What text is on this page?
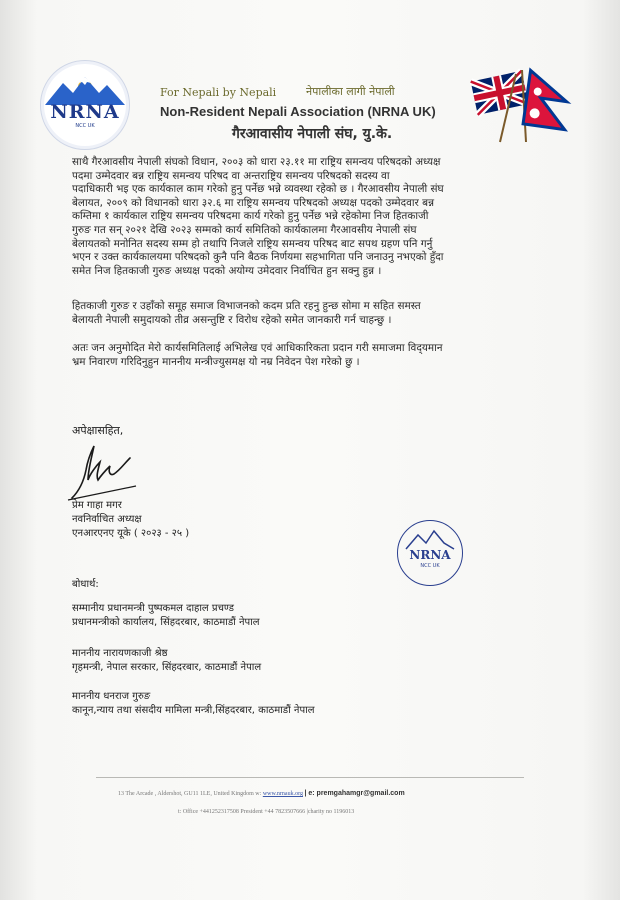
NRNA
NCC UK
For Nepali by Nepali	नेपालीका लागी नेपाली
Non-Resident Nepali Association (NRNA UK)
गैरआवासीय नेपाली संघ, यु.के.
साथै गैरआवसीय नेपाली संघको विधान, २००३ को धारा २३.११ मा राष्ट्रिय समन्वय परिषदको अध्यक्ष
पदमा उम्मेदवार बन्न राष्ट्रिय समन्वय परिषद वा अन्तराष्ट्रिय समन्वय परिषदको सदस्य वा
पदाधिकारी भइ एक कार्यकाल काम गरेको हुनु पर्नेछ भन्ने व्यवस्था रहेको छ । गैरआवसीय नेपाली संघ
बेलायत, २००९ को विधानको धारा ३२.६ मा राष्ट्रिय समन्वय परिषदको अध्यक्ष पदको उम्मेदवार बन्न
कम्तिमा १ कार्यकाल राष्ट्रिय समन्वय परिषदमा कार्य गरेको हुनु पर्नेछ भन्ने रहेकोमा निज हितकाजी
गुरुङ गत सन् २०२१ देखि २०२३ सम्मको कार्य समितिको कार्यकालमा गैरआवसीय नेपाली संघ
बेलायतको मनोनित सदस्य सम्म हो तथापि निजले राष्ट्रिय समन्वय परिषद बाट सपथ ग्रहण पनि गर्नु
भएन र उक्त कार्यकालयमा परिषदको कुनै पनि बैठक निर्णयमा सहभागिता पनि जनाउनु नभएको हुँदा
समेत निज हितकाजी गुरुङ अध्यक्ष पदको अयोग्य उमेदवार निर्वाचित हुन सक्नु हुन्न ।
हितकाजी गुरुङ र उहाँको समूह समाज विभाजनको कदम प्रति रहनु हुन्छ सोमा म सहित समस्त
बेलायती नेपाली समुदायको तीव्र असन्तुष्टि र विरोध रहेको समेत जानकारी गर्न चाहन्छु ।
अतः जन अनुमोदित मेरो कार्यसमितिलाई अभिलेख एवं आधिकारिकता प्रदान गरी समाजमा विद्‌यमान
भ्रम निवारण गरिदिनुहुन माननीय मन्त्रीज्युसमक्ष यो नम्र निवेदन पेश गरेको छु ।
अपेक्षासहित,
प्रेम गाहा मगर
नवनिर्वाचित अध्यक्ष
एनआरएनए यूके ( २०२३ - २५ )
NRNA
NCC UK
बोधार्थ:
सम्मानीय प्रधानमन्त्री पुष्पकमल दाहाल प्रचण्ड
प्रधानमन्त्रीको कार्यालय, सिंहदरबार, काठमाडौं नेपाल
माननीय नारायणकाजी श्रेष्ठ
गृहमन्त्री, नेपाल सरकार, सिंहदरबार, काठमाडौं नेपाल
माननीय धनराज गुरुङ
कानून,न्याय तथा संसदीय मामिला मन्त्री,सिंहदरबार, काठमाडौं नेपाल
13 The Arcade , Aldershot, GU11 1LE, United Kingdom w: www.nrnauk.org | e: premgahamgr@gmail.com
t: Office +441252317508 President +44 7823507666 |charity no 1196013
